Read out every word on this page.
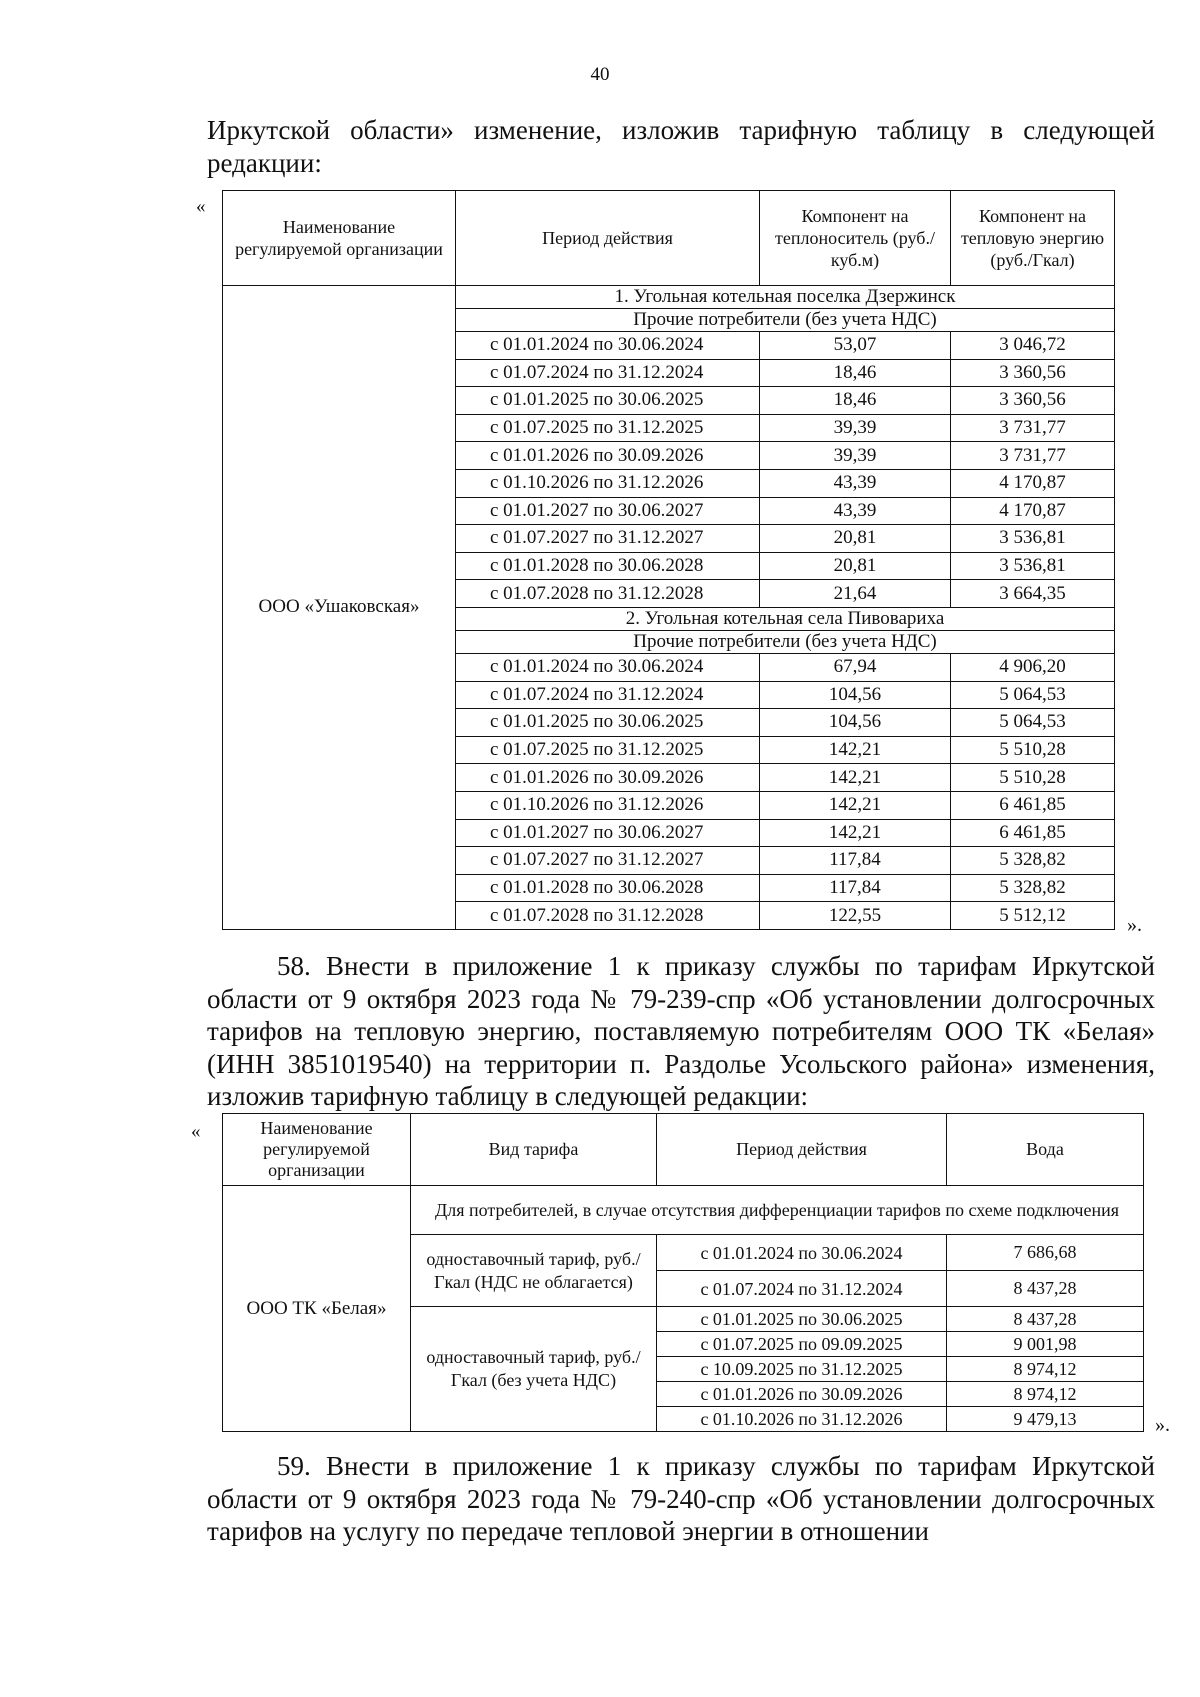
40
Иркутской области» изменение, изложив тарифную таблицу в следующей редакции:
«
Наименование регулируемой организации	Период действия	Компонент на теплоноситель (руб./куб.м)	Компонент на тепловую энергию (руб./Гкал)
ООО «Ушаковская»	1. Угольная котельная поселка Дзержинск		
	Прочие потребители (без учета НДС)		
	с 01.01.2024 по 30.06.2024	53,07	3 046,72
	с 01.07.2024 по 31.12.2024	18,46	3 360,56
	с 01.01.2025 по 30.06.2025	18,46	3 360,56
	с 01.07.2025 по 31.12.2025	39,39	3 731,77
	с 01.01.2026 по 30.09.2026	39,39	3 731,77
	с 01.10.2026 по 31.12.2026	43,39	4 170,87
	с 01.01.2027 по 30.06.2027	43,39	4 170,87
	с 01.07.2027 по 31.12.2027	20,81	3 536,81
	с 01.01.2028 по 30.06.2028	20,81	3 536,81
	с 01.07.2028 по 31.12.2028	21,64	3 664,35
	2. Угольная котельная села Пивовариха		
	Прочие потребители (без учета НДС)		
	с 01.01.2024 по 30.06.2024	67,94	4 906,20
	с 01.07.2024 по 31.12.2024	104,56	5 064,53
	с 01.01.2025 по 30.06.2025	104,56	5 064,53
	с 01.07.2025 по 31.12.2025	142,21	5 510,28
	с 01.01.2026 по 30.09.2026	142,21	5 510,28
	с 01.10.2026 по 31.12.2026	142,21	6 461,85
	с 01.01.2027 по 30.06.2027	142,21	6 461,85
	с 01.07.2027 по 31.12.2027	117,84	5 328,82
	с 01.01.2028 по 30.06.2028	117,84	5 328,82
	с 01.07.2028 по 31.12.2028	122,55	5 512,12	».
58. Внести в приложение 1 к приказу службы по тарифам Иркутской области от 9 октября 2023 года № 79-239-спр «Об установлении долгосрочных тарифов на тепловую энергию, поставляемую потребителям ООО ТК «Белая» (ИНН 3851019540) на территории п. Раздолье Усольского района» изменения, изложив тарифную таблицу в следующей редакции:
«	Наименование регулируемой организации	Вид тарифа	Период действия	Вода
ООО ТК «Белая»	Для потребителей, в случае отсутствия дифференциации тарифов по схеме подключения		
	одноставочный тариф, руб./Гкал (НДС не облагается)	с 01.01.2024 по 30.06.2024	7 686,68
		с 01.07.2024 по 31.12.2024	8 437,28
	одноставочный тариф, руб./Гкал (без учета НДС)	с 01.01.2025 по 30.06.2025	8 437,28
		с 01.07.2025 по 09.09.2025	9 001,98
		с 10.09.2025 по 31.12.2025	8 974,12
		с 01.01.2026 по 30.09.2026	8 974,12
		с 01.10.2026 по 31.12.2026	9 479,13	».
59. Внести в приложение 1 к приказу службы по тарифам Иркутской области от 9 октября 2023 года № 79-240-спр «Об установлении долгосрочных тарифов на услугу по передаче тепловой энергии в отношении
